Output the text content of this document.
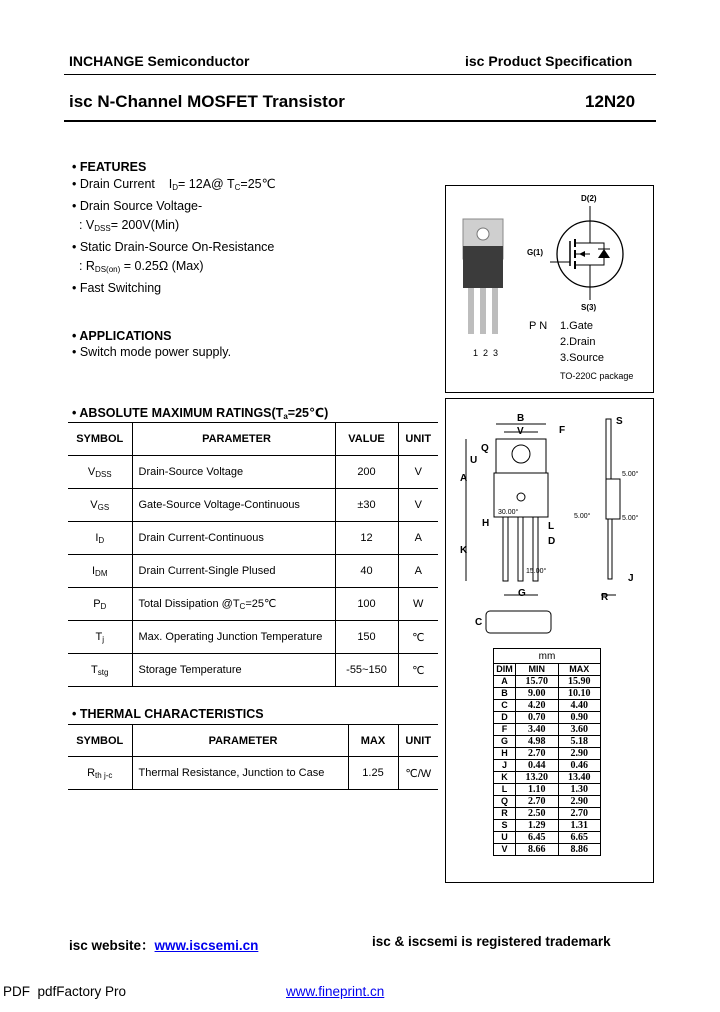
INCHANGE Semiconductor	isc Product Specification
isc N-Channel MOSFET Transistor	12N20
• FEATURES
• Drain Current    $I_D=$ 12A@ $T_C=25℃$
• Drain Source Voltage-
: $V_{DSS}= 200V(Min)$
• Static Drain-Source On-Resistance
: $R_{DS(on)} = 0.25\Omega$ (Max)
• Fast Switching
• APPLICATIONS
• Switch mode power supply.
D(2)
G(1)
S(3)
1  2  3
P N 1.Gate
2.Drain
3.Source
TO-220C package
• ABSOLUTE MAXIMUM $RATINGS(T_a=25℃)$
SYMBOL	PARAMETER	VALUE	UNIT
$V_{DSS}$	Drain-Source Voltage	200	V
$V_{GS}$	Gate-Source Voltage-Continuous	±30	V
$I_D$	Drain Current-Continuous	12	A
$I_{DM}$	Drain Current-Single Plused	40	A
$P_D$	Total Dissipation $@T_C=25℃$	100	W
$T_j$	Max. Operating Junction Temperature	150	℃
$T_{stg}$	Storage Temperature	-55~150	℃
• THERMAL CHARACTERISTICS
SYMBOL	PARAMETER	MAX	UNIT
$R_{th j-c}$	Thermal Resistance, Junction to Case	1.25	℃/W
B	S
V	F
Q
U
A
H	L
K
D
J
G	R
C
30.00°
15.00°
5.00°
5.00°	5.00°
mm		
DIM	MIN	MAX
A	15.70	15.90
B	9.00	10.10
C	4.20	4.40
D	0.70	0.90
F	3.40	3.60
G	4.98	5.18
H	2.70	2.90
J	0.44	0.46
K	13.20	13.40
L	1.10	1.30
Q	2.70	2.90
R	2.50	2.70
S	1.29	1.31
U	6.45	6.65
V	8.66	8.86
isc website：www.iscsemi.cn	isc & iscsemi is registered trademark
PDF  pdfFactory Pro	www.fineprint.cn
